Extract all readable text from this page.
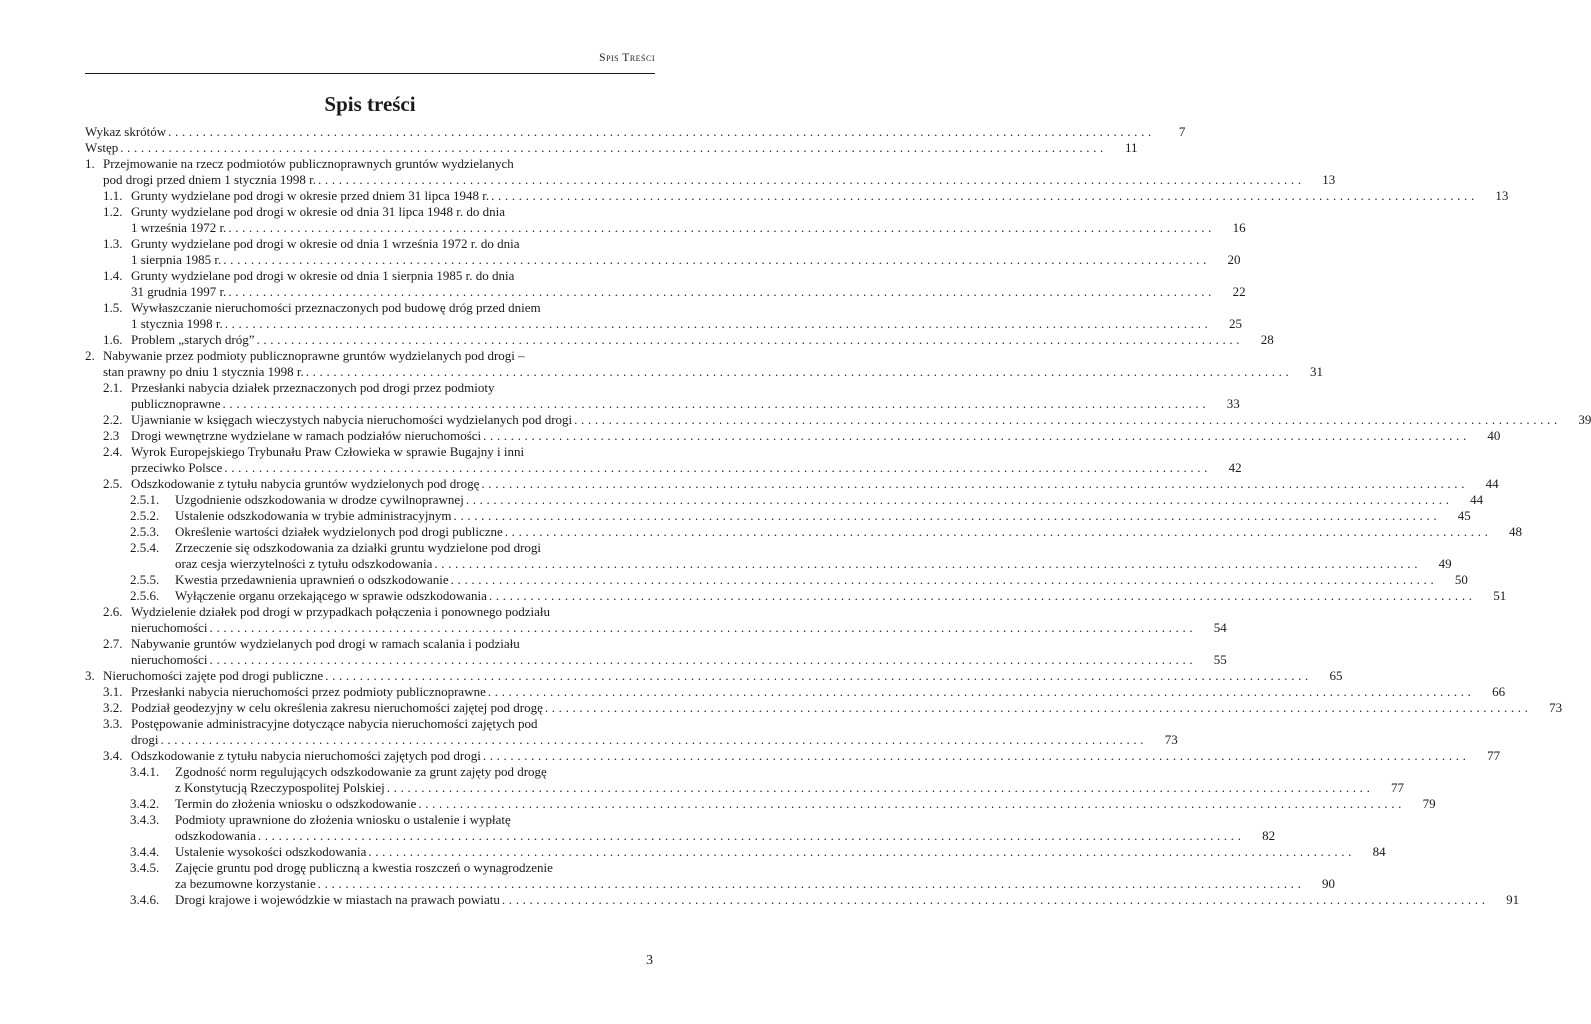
Spis Treści
Spis treści
Wykaz skrótów . . .	7
Wstęp . . .	11
1. Przejmowanie na rzecz podmiotów publicznoprawnych gruntów wydzielanych
pod drogi przed dniem 1 stycznia 1998 r. . . .	13
1.1. Grunty wydzielane pod drogi w okresie przed dniem 31 lipca 1948 r. . . .	13
1.2. Grunty wydzielane pod drogi w okresie od dnia 31 lipca 1948 r. do dnia
1 września 1972 r. . . .	16
1.3. Grunty wydzielane pod drogi w okresie od dnia 1 września 1972 r. do dnia
1 sierpnia 1985 r. . . .	20
1.4. Grunty wydzielane pod drogi w okresie od dnia 1 sierpnia 1985 r. do dnia
31 grudnia 1997 r. . . .	22
1.5. Wywłaszczanie nieruchomości przeznaczonych pod budowę dróg przed dniem
1 stycznia 1998 r. . . .	25
1.6. Problem „starych dróg” . . .	28
2. Nabywanie przez podmioty publicznoprawne gruntów wydzielanych pod drogi –
stan prawny po dniu 1 stycznia 1998 r. . . .	31
2.1. Przesłanki nabycia działek przeznaczonych pod drogi przez podmioty
publicznoprawne . . .	33
2.2. Ujawnianie w księgach wieczystych nabycia nieruchomości wydzielanych pod drogi . . .	39
2.3 Drogi wewnętrzne wydzielane w ramach podziałów nieruchomości . . .	40
2.4. Wyrok Europejskiego Trybunału Praw Człowieka w sprawie Bugajny i inni
przeciwko Polsce . . .	42
2.5. Odszkodowanie z tytułu nabycia gruntów wydzielonych pod drogę . . .	44
2.5.1.	Uzgodnienie odszkodowania w drodze cywilnoprawnej . . .	44
2.5.2.	Ustalenie odszkodowania w trybie administracyjnym . . .	45
2.5.3.	Określenie wartości działek wydzielonych pod drogi publiczne . . .	48
2.5.4.	Zrzeczenie się odszkodowania za działki gruntu wydzielone pod drogi
oraz cesja wierzytelności z tytułu odszkodowania . . .	49
2.5.5.	Kwestia przedawnienia uprawnień o odszkodowanie . . .	50
2.5.6.	Wyłączenie organu orzekającego w sprawie odszkodowania . . .	51
2.6. Wydzielenie działek pod drogi w przypadkach połączenia i ponownego podziału
nieruchomości . . .	54
2.7. Nabywanie gruntów wydzielanych pod drogi w ramach scalania i podziału
nieruchomości . . .	55
3. Nieruchomości zajęte pod drogi publiczne . . .	65
3.1. Przesłanki nabycia nieruchomości przez podmioty publicznoprawne . . .	66
3.2. Podział geodezyjny w celu określenia zakresu nieruchomości zajętej pod drogę . . .	73
3.3. Postępowanie administracyjne dotyczące nabycia nieruchomości zajętych pod
drogi . . .	73
3.4. Odszkodowanie z tytułu nabycia nieruchomości zajętych pod drogi . . .	77
3.4.1.	Zgodność norm regulujących odszkodowanie za grunt zajęty pod drogę
z Konstytucją Rzeczypospolitej Polskiej . . .	77
3.4.2.	Termin do złożenia wniosku o odszkodowanie . . .	79
3.4.3.	Podmioty uprawnione do złożenia wniosku o ustalenie i wypłatę
odszkodowania . . .	82
3.4.4.	Ustalenie wysokości odszkodowania . . .	84
3.4.5.	Zajęcie gruntu pod drogę publiczną a kwestia roszczeń o wynagrodzenie
za bezumowne korzystanie . . .	90
3.4.6.	Drogi krajowe i wojewódzkie w miastach na prawach powiatu . . .	91
3
